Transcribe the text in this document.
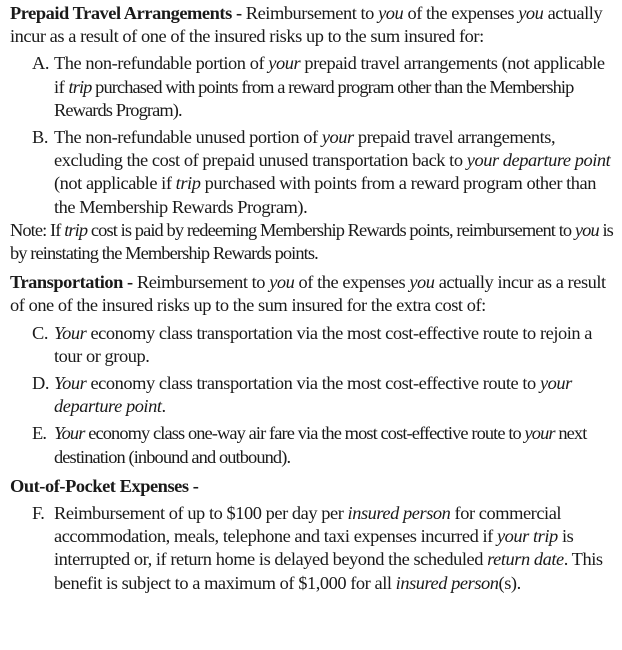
Prepaid Travel Arrangements - Reimbursement to you of the expenses you actually incur as a result of one of the insured risks up to the sum insured for:

A. The non-refundable portion of your prepaid travel arrangements (not applicable if trip purchased with points from a reward program other than the Membership Rewards Program).

B. The non-refundable unused portion of your prepaid travel arrangements, excluding the cost of prepaid unused transportation back to your departure point (not applicable if trip purchased with points from a reward program other than the Membership Rewards Program).

Note: If trip cost is paid by redeeming Membership Rewards points, reimbursement to you is by reinstating the Membership Rewards points.

Transportation - Reimbursement to you of the expenses you actually incur as a result of one of the insured risks up to the sum insured for the extra cost of:

C. Your economy class transportation via the most cost-effective route to rejoin a tour or group.

D. Your economy class transportation via the most cost-effective route to your departure point.

E. Your economy class one-way air fare via the most cost-effective route to your next destination (inbound and outbound).

Out-of-Pocket Expenses -

F. Reimbursement of up to $100 per day per insured person for commercial accommodation, meals, telephone and taxi expenses incurred if your trip is interrupted or, if return home is delayed beyond the scheduled return date. This benefit is subject to a maximum of $1,000 for all insured person(s).
